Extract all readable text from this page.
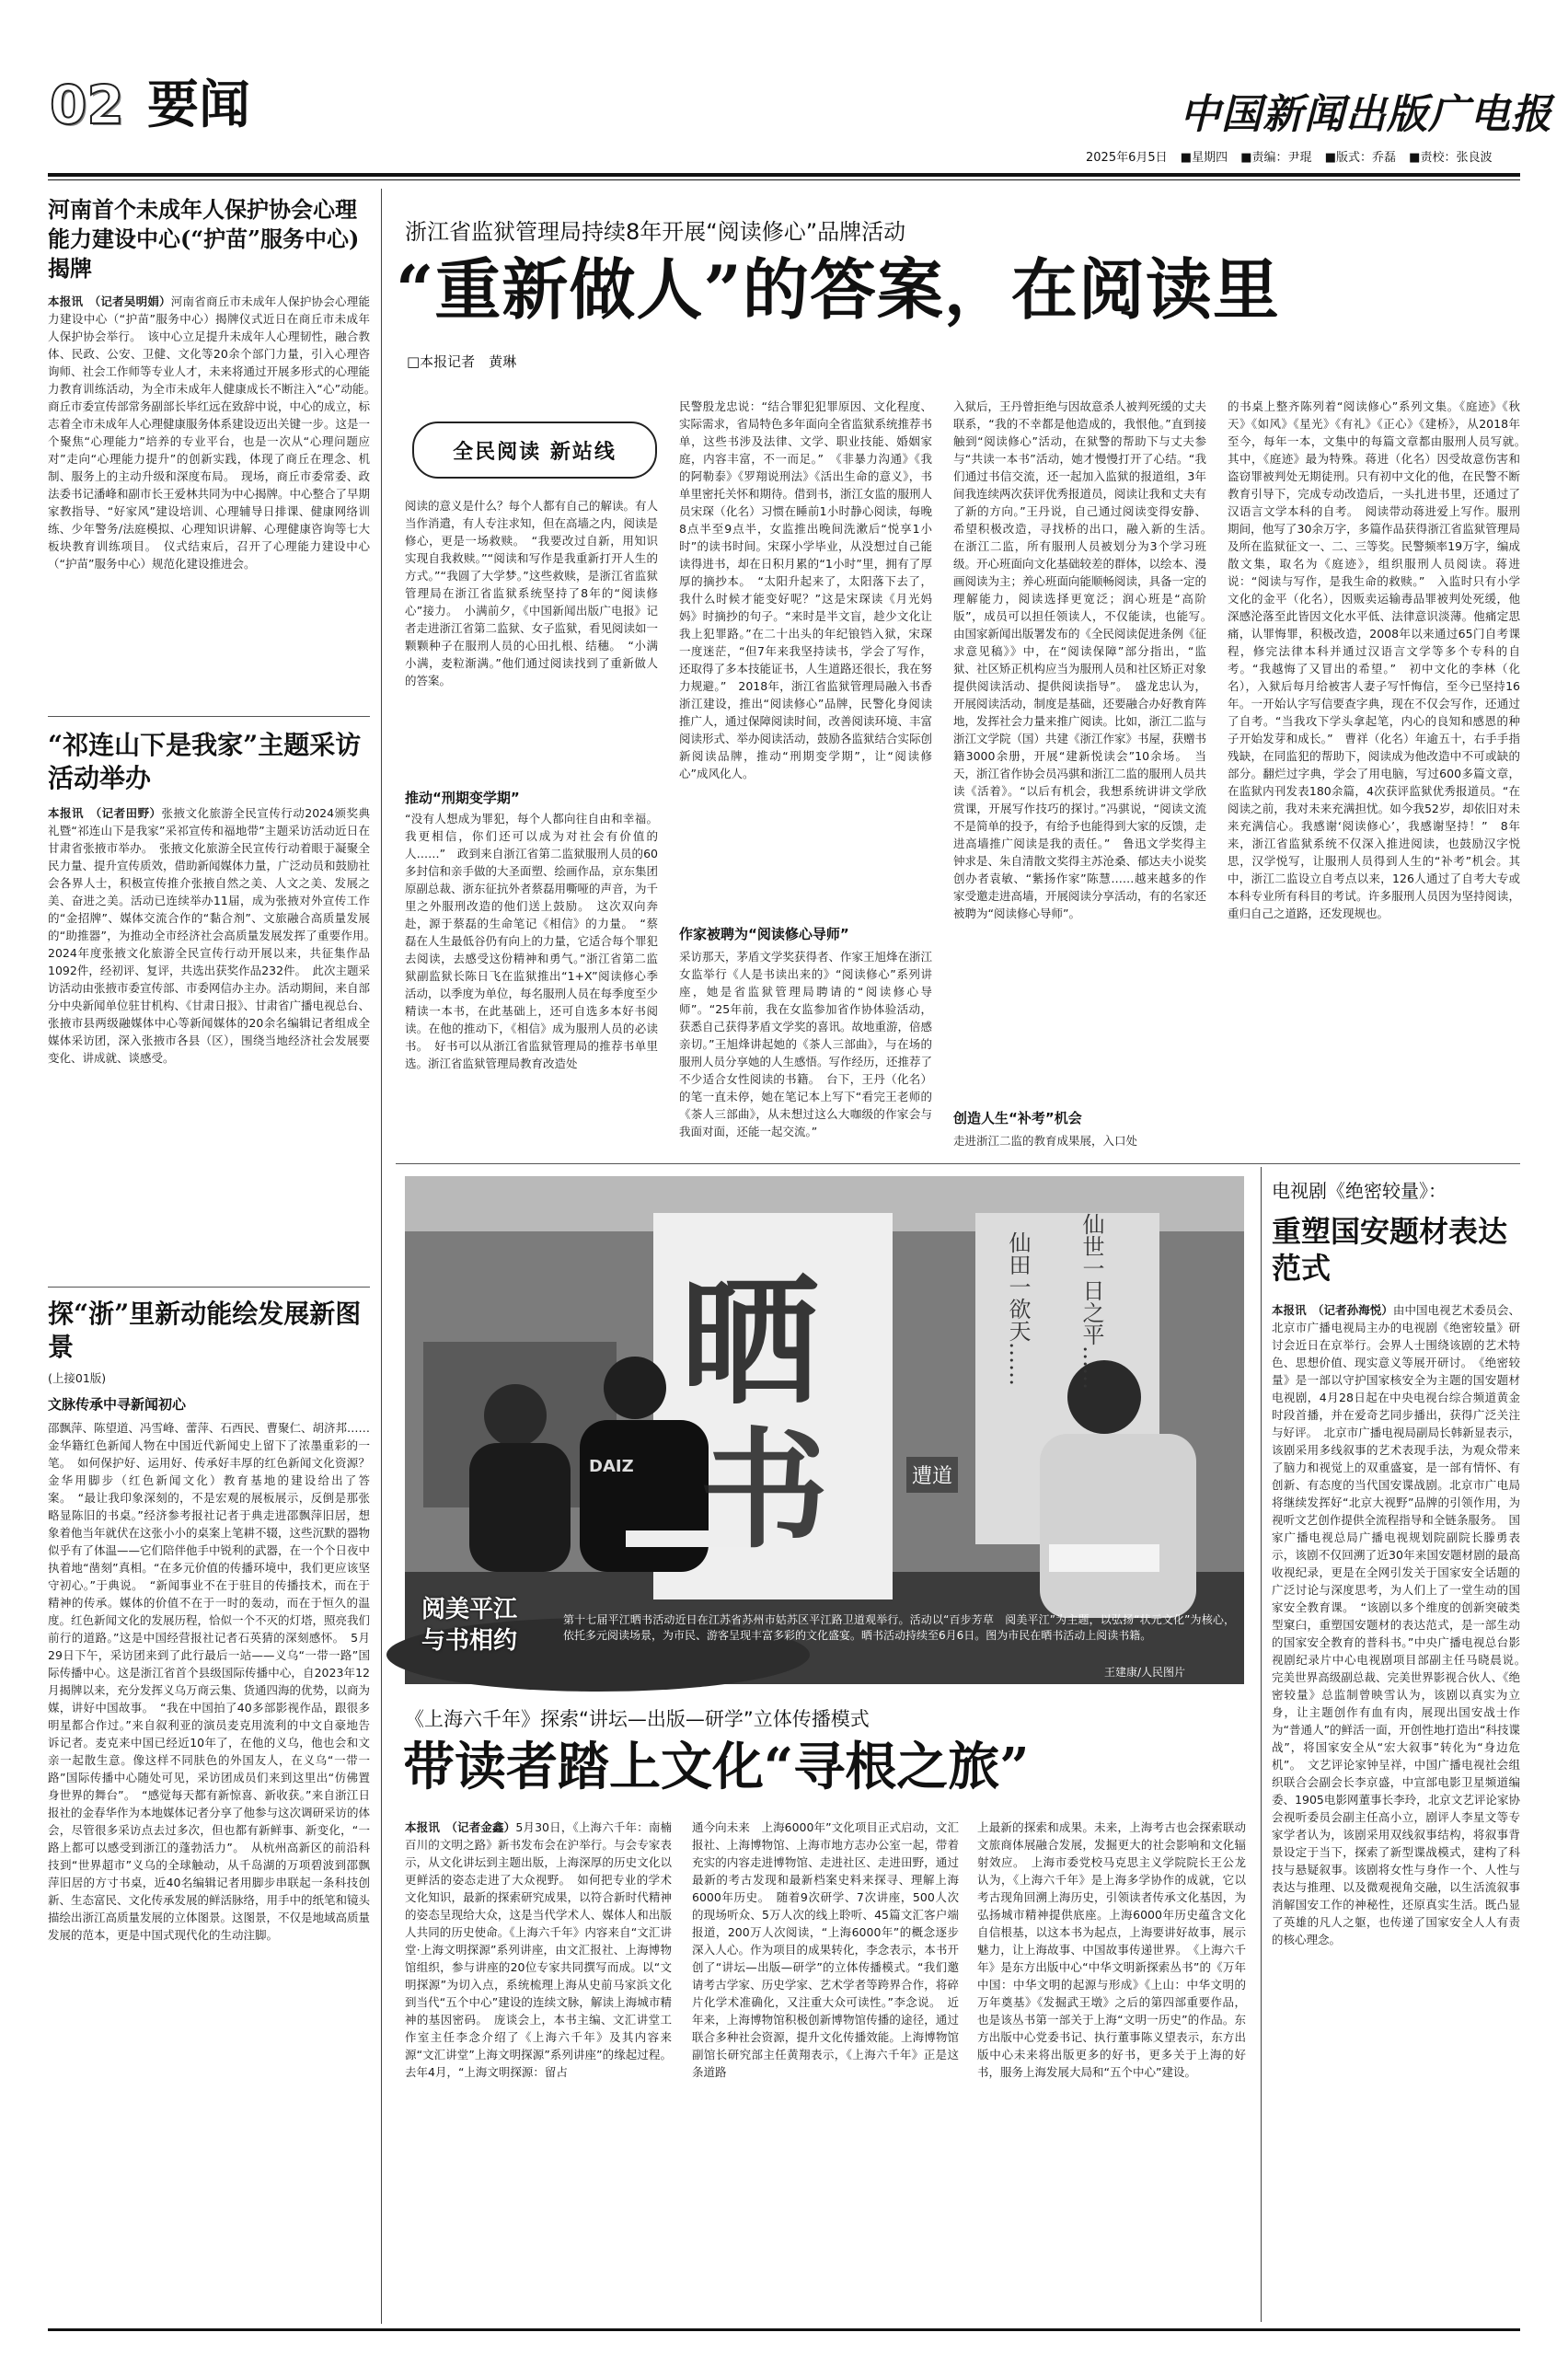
02 要闻	中国新闻出版广电报
2025年6月5日 ■星期四 ■责编：尹琨 ■版式：乔磊 ■责校：张良波
河南首个未成年人保护协会心理能力建设中心(“护苗”服务中心)揭牌
本报讯　（记者吴明娟）河南省商丘市未成年人保护协会心理能力建设中心（“护苗”服务中心）揭牌仪式近日在商丘市未成年人保护协会举行。　该中心立足提升未成年人心理韧性，融合教体、民政、公安、卫健、文化等20余个部门力量，引入心理咨询师、社会工作师等专业人才，未来将通过开展多形式的心理能力教育训练活动，为全市未成年人健康成长不断注入“心”动能。　商丘市委宣传部常务副部长毕红远在致辞中说，中心的成立，标志着全市未成年人心理健康服务体系建设迈出关键一步。这是一个聚焦“心理能力”培养的专业平台，也是一次从“心理问题应对”走向“心理能力提升”的创新实践，体现了商丘在理念、机制、服务上的主动升级和深度布局。　现场，商丘市委常委、政法委书记潘峰和副市长王爱林共同为中心揭牌。中心整合了早期家教指导、“好家风”建设培训、心理辅导日排课、健康网络训练、少年警务/法庭模拟、心理知识讲解、心理健康咨询等七大板块教育训练项目。　仪式结束后，召开了心理能力建设中心（“护苗”服务中心）规范化建设推进会。
“祁连山下是我家”主题采访活动举办
本报讯　（记者田野）张掖文化旅游全民宣传行动2024颁奖典礼暨“祁连山下是我家”采祁宣传和福地带”主题采访活动近日在甘肃省张掖市举办。　张掖文化旅游全民宣传行动着眼于凝聚全民力量、提升宣传质效，借助新闻媒体力量，广泛动员和鼓励社会各界人士，积极宣传推介张掖自然之美、人文之美、发展之美、奋进之美。活动已连续举办11届，成为张掖对外宣传工作的“金招牌”、媒体交流合作的“黏合剂”、文旅融合高质量发展的“助推器”，为推动全市经济社会高质量发展发挥了重要作用。　2024年度张掖文化旅游全民宣传行动开展以来，共征集作品1092件，经初评、复评，共选出获奖作品232件。　此次主题采访活动由张掖市委宣传部、市委网信办主办。活动期间，来自部分中央新闻单位驻甘机构、《甘肃日报》、甘肃省广播电视总台、张掖市县两级融媒体中心等新闻媒体的20余名编辑记者组成全媒体采访团，深入张掖市各县（区），围绕当地经济社会发展要变化、讲成就、谈感受。
探“浙”里新动能绘发展新图景
(上接01版)
文脉传承中寻新闻初心
邵飘萍、陈望道、冯雪峰、蕾萍、石西民、曹聚仁、胡济邦……金华籍红色新闻人物在中国近代新闻史上留下了浓墨重彩的一笔。　如何保护好、运用好、传承好丰厚的红色新闻文化资源？金华用脚步（红色新闻文化）教育基地的建设给出了答案。　“最让我印象深刻的，不是宏观的展板展示，反倒是那张略显陈旧的书桌。”经济参考报社记者于典走进邵飘萍旧居，想象着他当年就伏在这张小小的桌案上笔耕不辍，这些沉默的器物似乎有了体温——它们陪伴他手中锐利的武器，在一个个日夜中执着地“凿刻”真相。“在多元价值的传播环境中，我们更应该坚守初心。”于典说。　“新闻事业不在于驻目的传播技术，而在于精神的传承。媒体的价值不在于一时的轰动，而在于恒久的温度。红色新闻文化的发展历程，恰似一个不灭的灯塔，照亮我们前行的道路。”这是中国经营报社记者石英猜的深刻感怀。　5月29日下午，采访团来到了此行最后一站——义乌“一带一路”国际传播中心。这是浙江省首个县级国际传播中心，自2023年12月揭牌以来，充分发挥义乌万商云集、货通四海的优势，以商为媒，讲好中国故事。　“我在中国拍了40多部影视作品，跟很多明星都合作过。”来自叙利亚的演员麦克用流利的中文自豪地告诉记者。麦克来中国已经近10年了，在他的义乌，他也会和文亲一起散生意。像这样不同肤色的外国友人，在义乌“一带一路”国际传播中心随处可见，采访团成员们来到这里出“仿佛置身世界的舞台”。　“感觉每天都有新惊喜、新收获。”来自浙江日报社的金春华作为本地媒体记者分享了他参与这次调研采访的体会，尽管很多采访点去过多次，但也都有新鲜事、新变化，“一路上都可以感受到浙江的蓬勃活力”。　从杭州高新区的前沿科技到“世界超市”义乌的全球触动，从千岛湖的万项碧波到邵飘萍旧居的方寸书桌，近40名编辑记者用脚步串联起一条科技创新、生态富民、文化传承发展的鲜活脉络，用手中的纸笔和镜头描绘出浙江高质量发展的立体图景。这图景，不仅是地域高质量发展的范本，更是中国式现代化的生动注脚。
浙江省监狱管理局持续8年开展“阅读修心”品牌活动
“重新做人”的答案，在阅读里
□本报记者　黄琳
全民阅读 新站线
阅读的意义是什么？每个人都有自己的解读。有人当作消遣，有人专注求知，但在高墙之内，阅读是修心，更是一场救赎。　“我要改过自新，用知识实现自我救赎。”“阅读和写作是我重新打开人生的方式。”“我圆了大学梦。”这些救赎，是浙江省监狱管理局在浙江省监狱系统坚持了8年的“阅读修心”接力。　小满前夕，《中国新闻出版广电报》记者走进浙江省第二监狱、女子监狱，看见阅读如一颗颗种子在服刑人员的心田扎根、结穗。　“小满小满，麦粒渐满。”他们通过阅读找到了重新做人的答案。
推动“刑期变学期”
“没有人想成为罪犯，每个人都向往自由和幸福。我更相信，你们还可以成为对社会有价值的人……”　政到来自浙江省第二监狱服刑人员的60多封信和亲手做的大圣面塑、绘画作品，京东集团原副总裁、浙东征抗外者蔡磊用嘶哑的声音，为千里之外服刑改造的他们送上鼓励。　这次双向奔赴，源于蔡磊的生命笔记《相信》的力量。　“蔡磊在人生最低谷仍有向上的力量，它适合每个罪犯去阅读，去感受这份精神和勇气。”浙江省第二监狱副监狱长陈日飞在监狱推出“1+X”阅读修心季活动，以季度为单位，每名服刑人员在每季度至少精读一本书，在此基础上，还可自选多本好书阅读。在他的推动下，《相信》成为服刑人员的必读书。　好书可以从浙江省监狱管理局的推荐书单里选。浙江省监狱管理局教育改造处
民警殷龙忠说：“结合罪犯犯罪原因、文化程度、实际需求，省局特色多年面向全省监狱系统推荐书单，这些书涉及法律、文学、职业技能、婚姻家庭，内容丰富，不一而足。”　《非暴力沟通》《我的阿勒泰》《罗翔说刑法》《活出生命的意义》，书单里密托关怀和期待。借到书，浙江女监的服刑人员宋琛（化名）习惯在睡前1小时静心阅读，每晚8点半至9点半，女监推出晚间洗漱后“悦享1小时”的读书时间。宋琛小学毕业，从没想过自己能读得进书，却在日积月累的“1小时”里，拥有了厚厚的摘抄本。　“太阳升起来了，太阳落下去了，我什么时候才能变好呢？”这是宋琛读《月光妈妈》时摘抄的句子。“来时是半文盲，趁少文化让我上犯罪路。”在二十出头的年纪锒铛入狱，宋琛一度迷茫，“但7年来我坚持读书，学会了写作，还取得了多本技能证书，人生道路还很长，我在努力规避。”　2018年，浙江省监狱管理局融入书香浙江建设，推出“阅读修心”品牌，民警化身阅读推广人，通过保障阅读时间，改善阅读环境、丰富阅读形式、举办阅读活动，鼓励各监狱结合实际创新阅读品牌，推动“刑期变学期”，让“阅读修心”成风化人。
作家被聘为“阅读修心导师”
采访那天，茅盾文学奖获得者、作家王旭烽在浙江女监举行《人是书读出来的》“阅读修心”系列讲座，她是省监狱管理局聘请的“阅读修心导师”。“25年前，我在女监参加省作协体验活动，获悉自己获得茅盾文学奖的喜讯。故地重游，倍感亲切。”王旭烽讲起她的《茶人三部曲》，与在场的服刑人员分享她的人生感悟。写作经历，还推荐了不少适合女性阅读的书籍。　台下，王丹（化名）的笔一直未停，她在笔记本上写下“看完王老师的《茶人三部曲》，从未想过这么大咖级的作家会与我面对面，还能一起交流。”
入狱后，王丹曾拒绝与因故意杀人被判死缓的丈夫联系，“我的不幸都是他造成的，我恨他。”直到接触到“阅读修心”活动，在狱警的帮助下与丈夫参与“共读一本书”活动，她才慢慢打开了心结。“我们通过书信交流，还一起加入监狱的报道组，3年间我连续两次获评优秀报道员，阅读让我和丈夫有了新的方向。”王丹说，自己通过阅读变得安静、希望积极改造，寻找桥的出口，融入新的生活。　在浙江二监，所有服刑人员被划分为3个学习班级。开心班面向文化基础较差的群体，以绘本、漫画阅读为主；养心班面向能顺畅阅读，具备一定的理解能力，阅读选择更宽泛；润心班是“高阶版”，成员可以担任领读人，不仅能读，也能写。　由国家新闻出版署发布的《全民阅读促进条例《征求意见稿》》中，在“阅读保障”部分指出，“监狱、社区矫正机构应当为服刑人员和社区矫正对象提供阅读活动、提供阅读指导”。　盛龙忠认为，开展阅读活动，制度是基础，还要融合办好教育阵地，发挥社会力量来推广阅读。比如，浙江二监与浙江文学院（国）共建《浙江作家》书屋，获赠书籍3000余册，开展“建新悦读会”10余场。　当天，浙江省作协会员冯骐和浙江二监的服刑人员共读《活着》。“以后有机会，我想系统讲讲文学欣赏课，开展写作技巧的探讨。”冯骐说，“阅读文流不是简单的投予，有给予也能得到大家的反馈，走进高墙推广阅读是我的责任。”　鲁迅文学奖得主钟求是、朱自清散文奖得主苏沧桑、郁达夫小说奖创办者袁敏、“紫扬作家”陈慧……越来越多的作家受邀走进高墙，开展阅读分享活动，有的名家还被聘为“阅读修心导师”。
创造人生“补考”机会
走进浙江二监的教育成果展，入口处
的书桌上整齐陈列着“阅读修心”系列文集。《庭迹》《秋天》《如风》《星光》《有礼》《正心》《建桥》，从2018年至今，每年一本，文集中的每篇文章都由服刑人员写就。　其中，《庭迹》最为特殊。蒋进（化名）因受故意伤害和盗窃罪被判处无期徒刑。只有初中文化的他，在民警不断教育引导下，完成专动改造后，一头扎进书里，还通过了汉语言文学本科的自考。　阅读带动蒋进爱上写作。服刑期间，他写了30余万字，多篇作品获得浙江省监狱管理局及所在监狱征文一、二、三等奖。民警频率19万字，编成散文集，取名为《庭迹》，组织服刑人员阅读。蒋进说：“阅读与写作，是我生命的救赎。”　入监时只有小学文化的金平（化名），因贩卖运输毒品罪被判处死缓，他深感沦落至此皆因文化水平低、法律意识淡薄。他痛定思痛，认罪悔罪，积极改造，2008年以来通过65门自考课程，修完法律本科并通过汉语言文学等多个专科的自考。“我越悔了又冒出的希望。”　初中文化的李林（化名），入狱后每月给被害人妻子写忏悔信，至今已坚持16年。一开始认字写信要查字典，现在不仅会写作，还通过了自考。“当我攻下学头拿起笔，内心的良知和感恩的种子开始发芽和成长。”　曹祥（化名）年逾五十，右手手指残缺，在同监犯的帮助下，阅读成为他改造中不可或缺的部分。翻烂过字典，学会了用电脑，写过600多篇文章，在监狱内刊发表180余篇，4次获评监狱优秀报道员。“在阅读之前，我对未来充满担忧。如今我52岁，却依旧对未来充满信心。我感谢‘阅读修心’，我感谢坚持！”　8年来，浙江省监狱系统不仅深入推进阅读，也鼓励汉字悦思，汉学悦写，让服刑人员得到人生的“补考”机会。其中，浙江二监设立自考点以来，126人通过了自考大专或本科专业所有科目的考试。许多服刑人员因为坚持阅读，重归自己之道路，还发现规也。
晒
书
仙田一欲天……	仙世一日之平……
遭道
DAIZ
阅美平江
与书相约
第十七届平江晒书活动近日在江苏省苏州市姑苏区平江路卫道观举行。活动以“百步芳草　阅美平江”为主题，以弘扬“状元文化”为核心，依托多元阅读场景，为市民、游客呈现丰富多彩的文化盛宴。晒书活动持续至6月6日。图为市民在晒书活动上阅读书籍。
王建康/人民图片
电视剧《绝密较量》：
重塑国安题材表达范式
本报讯　（记者孙海悦）由中国电视艺术委员会、北京市广播电视局主办的电视剧《绝密较量》研讨会近日在京举行。会界人士围绕该剧的艺术特色、思想价值、现实意义等展开研讨。　《绝密较量》是一部以守护国家核安全为主题的国安题材电视剧，4月28日起在中央电视台综合频道黄金时段首播，并在爱奇艺同步播出，获得广泛关注与好评。　北京市广播电视局副局长韩新显表示，该剧采用多线叙事的艺术表现手法，为观众带来了脑力和视觉上的双重盛宴，是一部有情怀、有创新、有态度的当代国安谍战剧。北京市广电局将继续发挥好“北京大视野”品牌的引领作用，为视听文艺创作提供全流程指导和全链条服务。　国家广播电视总局广播电视规划院副院长滕勇表示，该剧不仅回溯了近30年来国安题材剧的最高收视纪录，更是在全网引发关于国家安全话题的广泛讨论与深度思考，为人们上了一堂生动的国家安全教育课。　“该剧以多个维度的创新突破类型窠臼，重塑国安题材的表达范式，是一部生动的国家安全教育的普科书。”中央广播电视总台影视剧纪录片中心电视剧项目部副主任马晓晨说。　完美世界高级副总裁、完美世界影视合伙人、《绝密较量》总监制曾映雪认为，该剧以真实为立身，让主题创作有血有肉，展现出国安战士作为“普通人”的鲜活一面，开创性地打造出“科技谍战”，将国家安全从“宏大叙事”转化为“身边危机”。　文艺评论家钟呈祥，中国广播电视社会组织联合会副会长李京盛，中宣部电影卫星频道编委、1905电影网董事长李玲，北京文艺评论家协会视听委员会副主任高小立，剧评人李星文等专家学者认为，该剧采用双线叙事结构，将叙事背景设定于当下，探索了新型谍战模式，建构了科技与悬疑叙事。该剧将女性与身作一个、人性与表达与推理、以及微观视角交融，以生活流叙事消解国安工作的神秘性，还原真实生活。既凸显了英雄的凡人之躯，也传递了国家安全人人有责的核心理念。
《上海六千年》探索“讲坛—出版—研学”立体传播模式
带读者踏上文化“寻根之旅”
本报讯　（记者金鑫）5月30日，《上海六千年：南楠百川的文明之路》新书发布会在沪举行。与会专家表示，从文化讲坛到主题出版，上海深厚的历史文化以更鲜活的姿态走进了大众视野。　如何把专业的学术文化知识，最新的探索研究成果，以符合新时代精神的姿态呈现给大众，这是当代学术人、媒体人和出版人共同的历史使命。《上海六千年》内容来自“文汇讲堂·上海文明探源”系列讲座，由文汇报社、上海博物馆组织，参与讲座的20位专家共同撰写而成。以“文明探源”为切入点，系统梳理上海从史前马家浜文化到当代“五个中心”建设的连续文脉，解读上海城市精神的基因密码。　庞谈会上，本书主编、文汇讲堂工作室主任李念介绍了《上海六千年》及其内容来源“文汇讲堂”上海文明探源”系列讲座”的缘起过程。去年4月，“上海文明探源：留占
通今向未来　上海6000年”文化项目正式启动，文汇报社、上海博物馆、上海市地方志办公室一起，带着充实的内容走进博物馆、走进社区、走进田野，通过最新的考古发现和最新档案史料来探寻、理解上海6000年历史。　随着9次研学、7次讲座，500人次的现场听众、5万人次的线上聆听、45篇文汇客户端报道，200万人次阅读，“上海6000年”的概念逐步深入人心。作为项目的成果转化，李念表示，本书开创了“讲坛—出版—研学”的立体传播模式。“我们邀请考古学家、历史学家、艺术学者等跨界合作，将碎片化学术准确化，又注重大众可读性。”李念说。　近年来，上海博物馆积极创新博物馆传播的途径，通过联合多种社会资源，提升文化传播效能。上海博物馆副馆长研究部主任黄翔表示，《上海六千年》正是这条道路
上最新的探索和成果。未来，上海考古也会探索联动文旅商体展融合发展，发掘更大的社会影响和文化辐射效应。　上海市委党校马克思主义学院院长王公龙认为，《上海六千年》是上海多学协作的成就，它以考古现角回溯上海历史，引领读者传承文化基因，为弘扬城市精神提供底座。上海6000年历史蕴含文化自信根基，以这本书为起点，上海要讲好故事，展示魅力，让上海故事、中国故事传递世界。　《上海六千年》是东方出版中心“中华文明新探索丛书”的《万年中国：中华文明的起源与形成》《上山：中华文明的万年奠基》《发掘武王墩》之后的第四部重要作品，也是该丛书第一部关于上海“文明一历史”的作品。东方出版中心党委书记、执行董事陈义望表示，东方出版中心未来将出版更多的好书，更多关于上海的好书，服务上海发展大局和“五个中心”建设。
